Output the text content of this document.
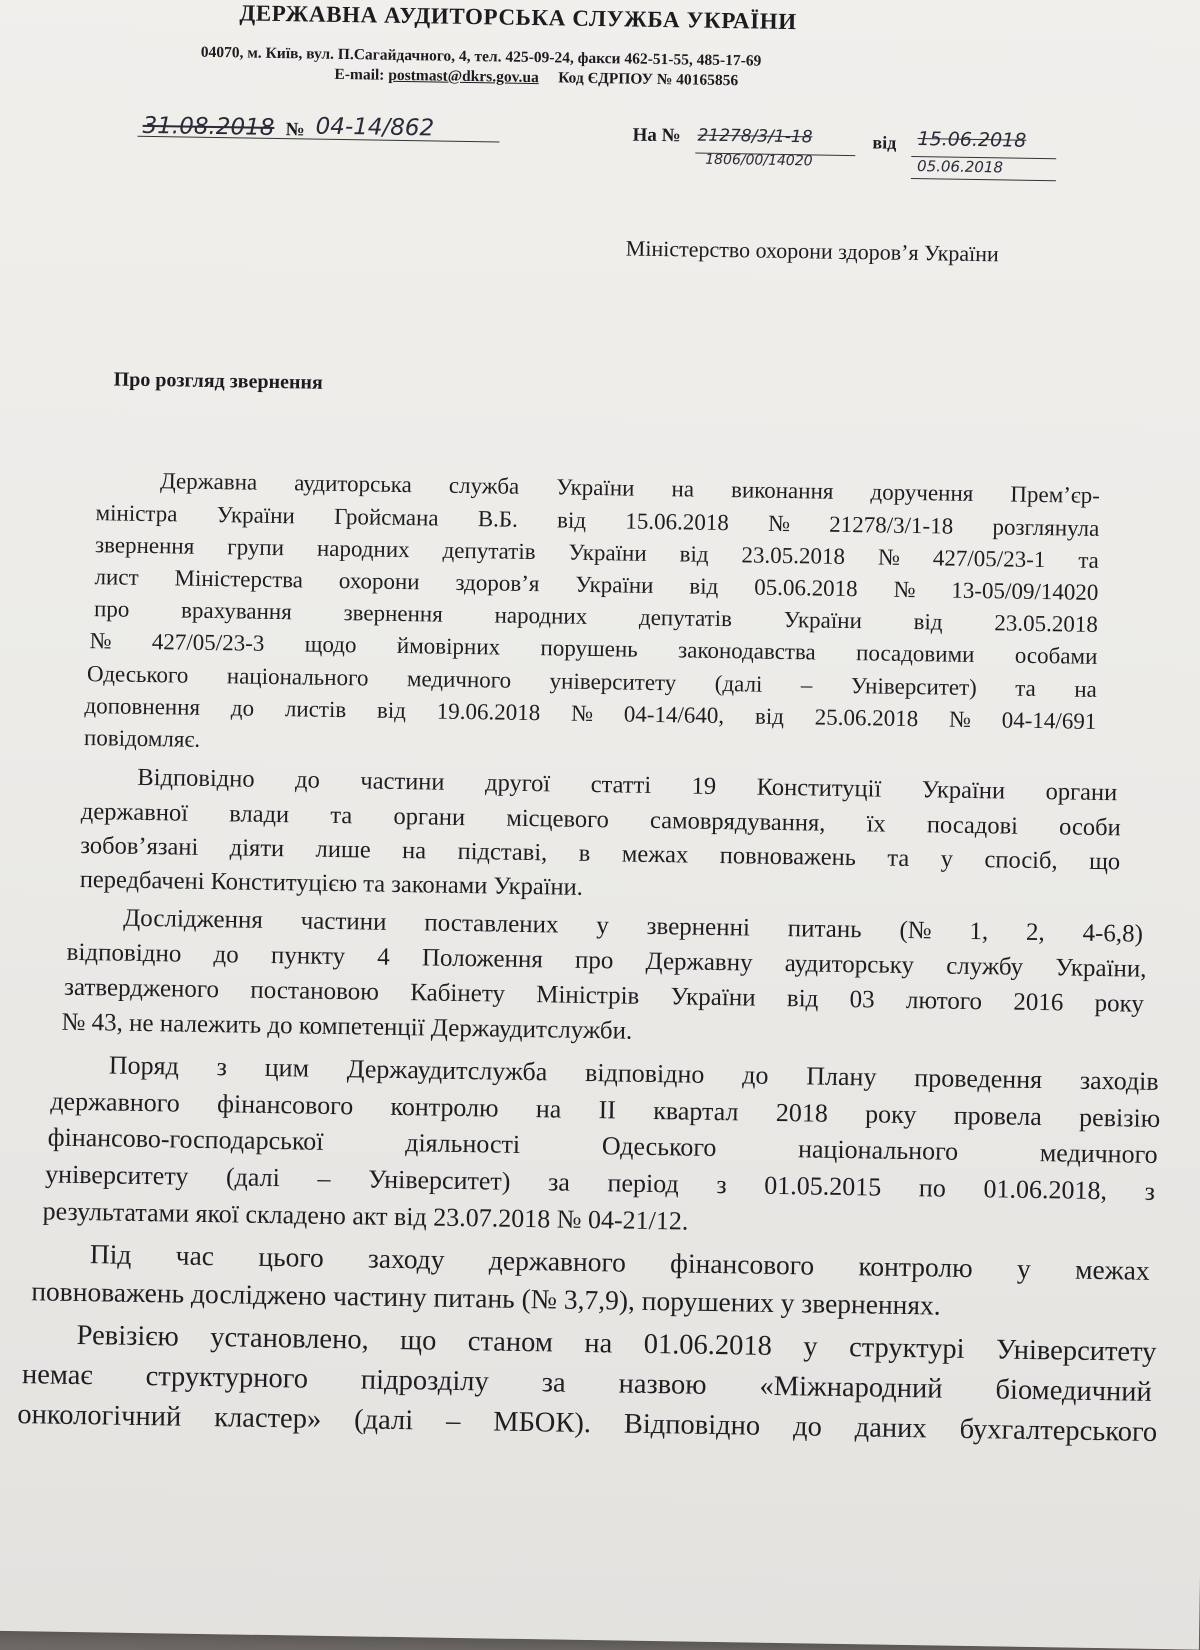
ДЕРЖАВНА АУДИТОРСЬКА СЛУЖБА УКРАЇНИ
04070, м. Київ, вул. П.Сагайдачного, 4, тел. 425-09-24, факси 462-51-55, 485-17-69
E-mail: postmast@dkrs.gov.ua Код ЄДРПОУ № 40165856
31.08.2018 № 04-14/862	На № 21278/3/1-18
1806/00/14020
від 15.06.2018
05.06.2018
Міністерство охорони здоров’я України
Про розгляд звернення
Державна аудиторська служба України на виконання доручення Прем’єр-
міністра України Гройсмана В.Б. від 15.06.2018 № 21278/3/1-18 розглянула
звернення групи народних депутатів України від 23.05.2018 № 427/05/23-1 та
лист Міністерства охорони здоров’я України від 05.06.2018 № 13-05/09/14020
про врахування звернення народних депутатів України від 23.05.2018
№ 427/05/23-3 щодо ймовірних порушень законодавства посадовими особами
Одеського національного медичного університету (далі – Університет) та на
доповнення до листів від 19.06.2018 № 04-14/640, від 25.06.2018 № 04-14/691
повідомляє.
Відповідно до частини другої статті 19 Конституції України органи
державної влади та органи місцевого самоврядування, їх посадові особи
зобов’язані діяти лише на підставі, в межах повноважень та у спосіб, що
передбачені Конституцією та законами України.
Дослідження частини поставлених у зверненні питань (№ 1, 2, 4-6,8)
відповідно до пункту 4 Положення про Державну аудиторську службу України,
затвердженого постановою Кабінету Міністрів України від 03 лютого 2016 року
№ 43, не належить до компетенції Держаудитслужби.
Поряд з цим Держаудитслужба відповідно до Плану проведення заходів
державного фінансового контролю на II квартал 2018 року провела ревізію
фінансово-господарської	діяльності	Одеського	національного	медичного
університету (далі – Університет) за період з 01.05.2015 по 01.06.2018, з
результатами якої складено акт від 23.07.2018 № 04-21/12.
Під час цього заходу державного фінансового контролю у межах
повноважень досліджено частину питань (№ 3,7,9), порушених у зверненнях.
Ревізією установлено, що станом на 01.06.2018 у структурі Університету
немає структурного підрозділу за назвою «Міжнародний біомедичний
онкологічний кластер» (далі – МБОК). Відповідно до даних бухгалтерського
